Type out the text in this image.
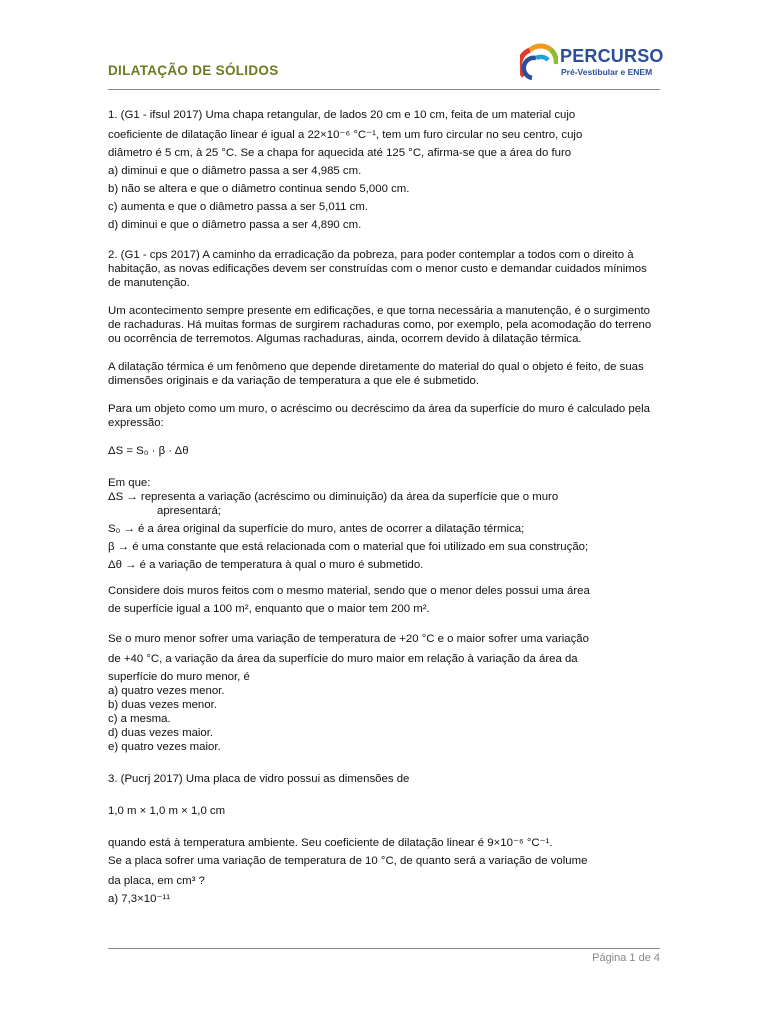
DILATAÇÃO DE SÓLIDOS
PERCURSO
Pré-Vestibular e ENEM

1. (G1 - ifsul 2017) Uma chapa retangular, de lados 20 cm e 10 cm, feita de um material cujo

coeficiente de dilatação linear é igual a 22×10⁻⁶ °C⁻¹, tem um furo circular no seu centro, cujo

diâmetro é 5 cm, à 25 °C. Se a chapa for aquecida até 125 °C, afirma-se que a área do furo

a) diminui e que o diâmetro passa a ser 4,985 cm.

b) não se altera e que o diâmetro continua sendo 5,000 cm.

c) aumenta e que o diâmetro passa a ser 5,011 cm.

d) diminui e que o diâmetro passa a ser 4,890 cm.

2. (G1 - cps 2017) A caminho da erradicação da pobreza, para poder contemplar a todos com o direito à habitação, as novas edificações devem ser construídas com o menor custo e demandar cuidados mínimos de manutenção.

Um acontecimento sempre presente em edificações, e que torna necessária a manutenção, é o surgimento de rachaduras. Há muitas formas de surgirem rachaduras como, por exemplo, pela acomodação do terreno ou ocorrência de terremotos. Algumas rachaduras, ainda, ocorrem devido à dilatação térmica.

A dilatação térmica é um fenômeno que depende diretamente do material do qual o objeto é feito, de suas dimensões originais e da variação de temperatura a que ele é submetido.

Para um objeto como um muro, o acréscimo ou decréscimo da área da superfície do muro é calculado pela expressão:

ΔS = S₀ · β · Δθ

Em que:

ΔS → representa a variação (acréscimo ou diminuição) da área da superfície que o muro

apresentará;

S₀ → é a área original da superfície do muro, antes de ocorrer a dilatação térmica;

β → é uma constante que está relacionada com o material que foi utilizado em sua construção;

Δθ → é a variação de temperatura à qual o muro é submetido.

Considere dois muros feitos com o mesmo material, sendo que o menor deles possui uma área

de superfície igual a 100 m², enquanto que o maior tem 200 m².

Se o muro menor sofrer uma variação de temperatura de +20 °C e o maior sofrer uma variação

de +40 °C, a variação da área da superfície do muro maior em relação à variação da área da

superfície do muro menor, é

a) quatro vezes menor.

b) duas vezes menor.

c) a mesma.

d) duas vezes maior.

e) quatro vezes maior.

3. (Pucrj 2017) Uma placa de vidro possui as dimensões de

1,0 m × 1,0 m × 1,0 cm

quando está à temperatura ambiente. Seu coeficiente de dilatação linear é 9×10⁻⁶ °C⁻¹.

Se a placa sofrer uma variação de temperatura de 10 °C, de quanto será a variação de volume

da placa, em cm³ ?

a) 7,3×10⁻¹¹

Página 1 de 4
